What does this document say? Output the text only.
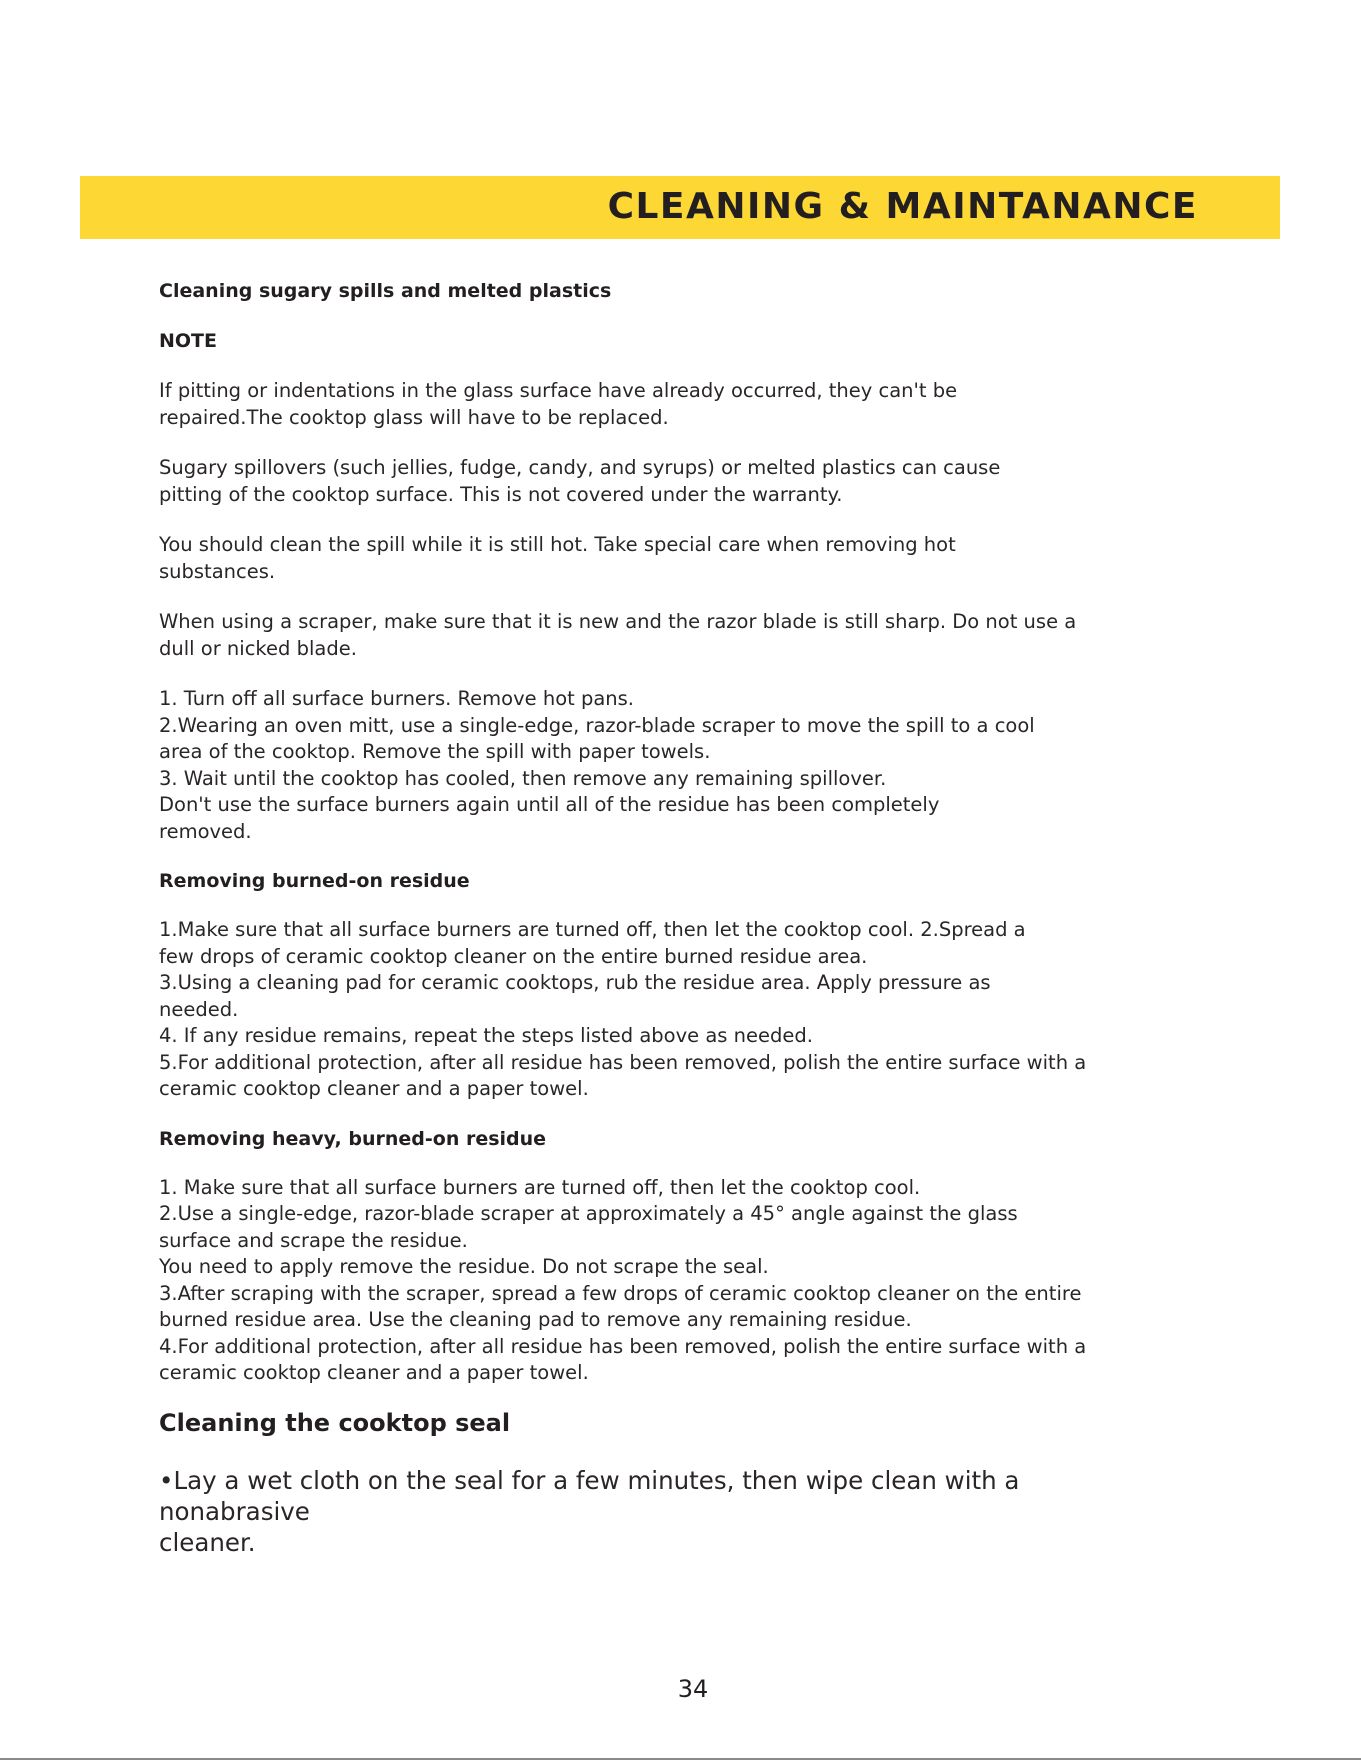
CLEANING & MAINTANANCE
Cleaning sugary spills and melted plastics
NOTE

If pitting or indentations in the glass surface have already occurred, they can't be
repaired.The cooktop glass will have to be replaced.

Sugary spillovers (such jellies, fudge, candy, and syrups) or melted plastics can cause
pitting of the cooktop surface. This is not covered under the warranty.

You should clean the spill while it is still hot. Take special care when removing hot
substances.

When using a scraper, make sure that it is new and the razor blade is still sharp. Do not use a
dull or nicked blade.

1. Turn off all surface burners. Remove hot pans.
2.Wearing an oven mitt, use a single-edge, razor-blade scraper to move the spill to a cool
area of the cooktop. Remove the spill with paper towels.
3. Wait until the cooktop has cooled, then remove any remaining spillover.
Don't use the surface burners again until all of the residue has been completely
removed.

Removing burned-on residue

1.Make sure that all surface burners are turned off, then let the cooktop cool. 2.Spread a
few drops of ceramic cooktop cleaner on the entire burned residue area.
3.Using a cleaning pad for ceramic cooktops, rub the residue area. Apply pressure as
needed.
4. If any residue remains, repeat the steps listed above as needed.
5.For additional protection, after all residue has been removed, polish the entire surface with a
ceramic cooktop cleaner and a paper towel.

Removing heavy, burned-on residue

1. Make sure that all surface burners are turned off, then let the cooktop cool.
2.Use a single-edge, razor-blade scraper at approximately a 45° angle against the glass
surface and scrape the residue.
You need to apply remove the residue. Do not scrape the seal.
3.After scraping with the scraper, spread a few drops of ceramic cooktop cleaner on the entire
burned residue area. Use the cleaning pad to remove any remaining residue.
4.For additional protection, after all residue has been removed, polish the entire surface with a
ceramic cooktop cleaner and a paper towel.

Cleaning the cooktop seal

•Lay a wet cloth on the seal for a few minutes, then wipe clean with a nonabrasive
cleaner.

34
